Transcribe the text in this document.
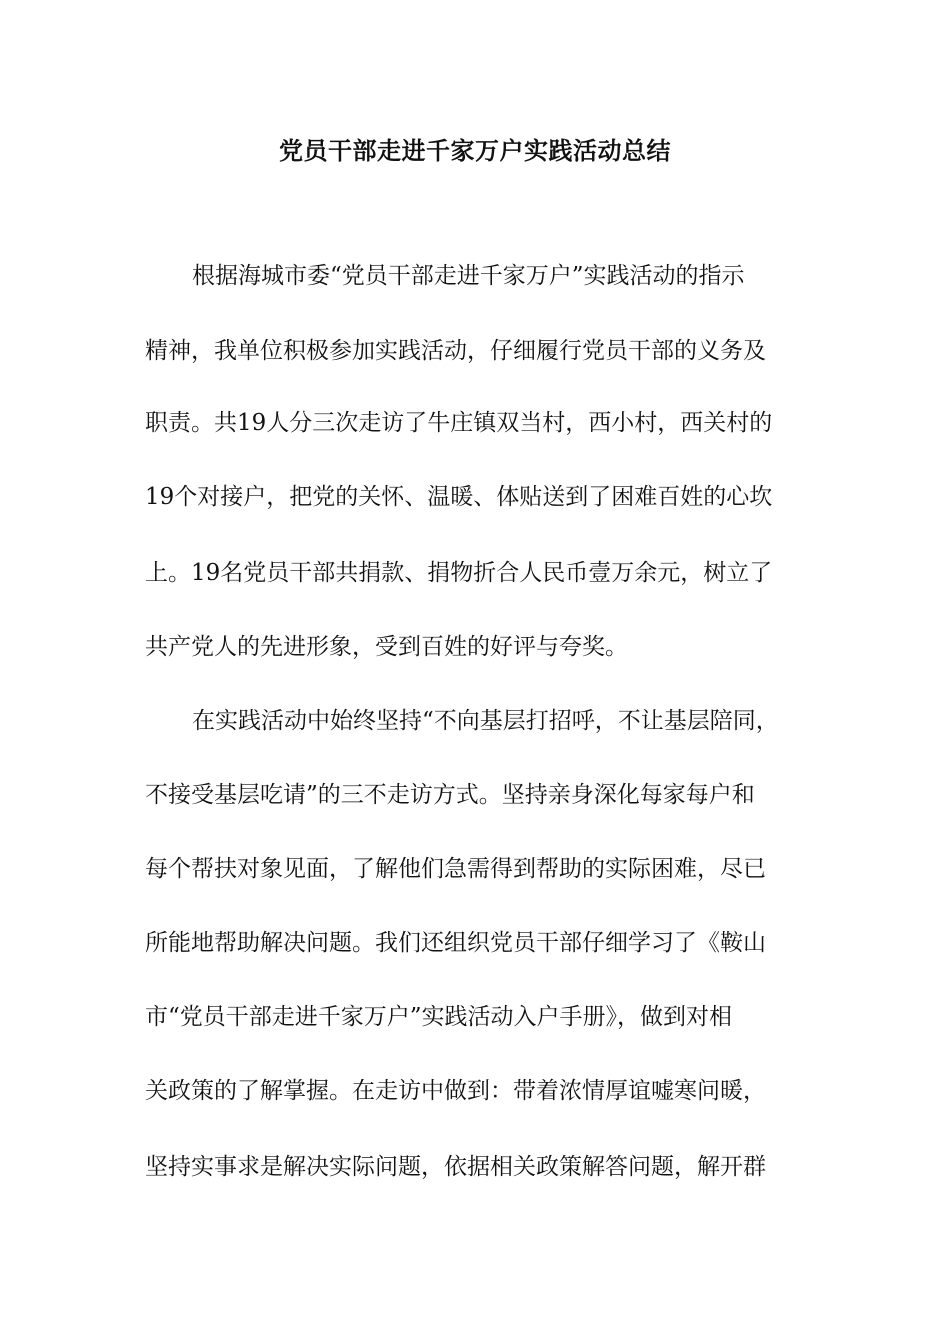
党员干部走进千家万户实践活动总结

根据海城市委“党员干部走进千家万户”实践活动的指示

精神，我单位积极参加实践活动，仔细履行党员干部的义务及

职责。共19人分三次走访了牛庄镇双当村，西小村，西关村的

19个对接户，把党的关怀、温暖、体贴送到了困难百姓的心坎

上。19名党员干部共捐款、捐物折合人民币壹万余元，树立了

共产党人的先进形象，受到百姓的好评与夸奖。

在实践活动中始终坚持“不向基层打招呼，不让基层陪同，

不接受基层吃请”的三不走访方式。坚持亲身深化每家每户和

每个帮扶对象见面，了解他们急需得到帮助的实际困难，尽已

所能地帮助解决问题。我们还组织党员干部仔细学习了《鞍山

市“党员干部走进千家万户”实践活动入户手册》，做到对相

关政策的了解掌握。在走访中做到：带着浓情厚谊嘘寒问暖，

坚持实事求是解决实际问题，依据相关政策解答问题，解开群
